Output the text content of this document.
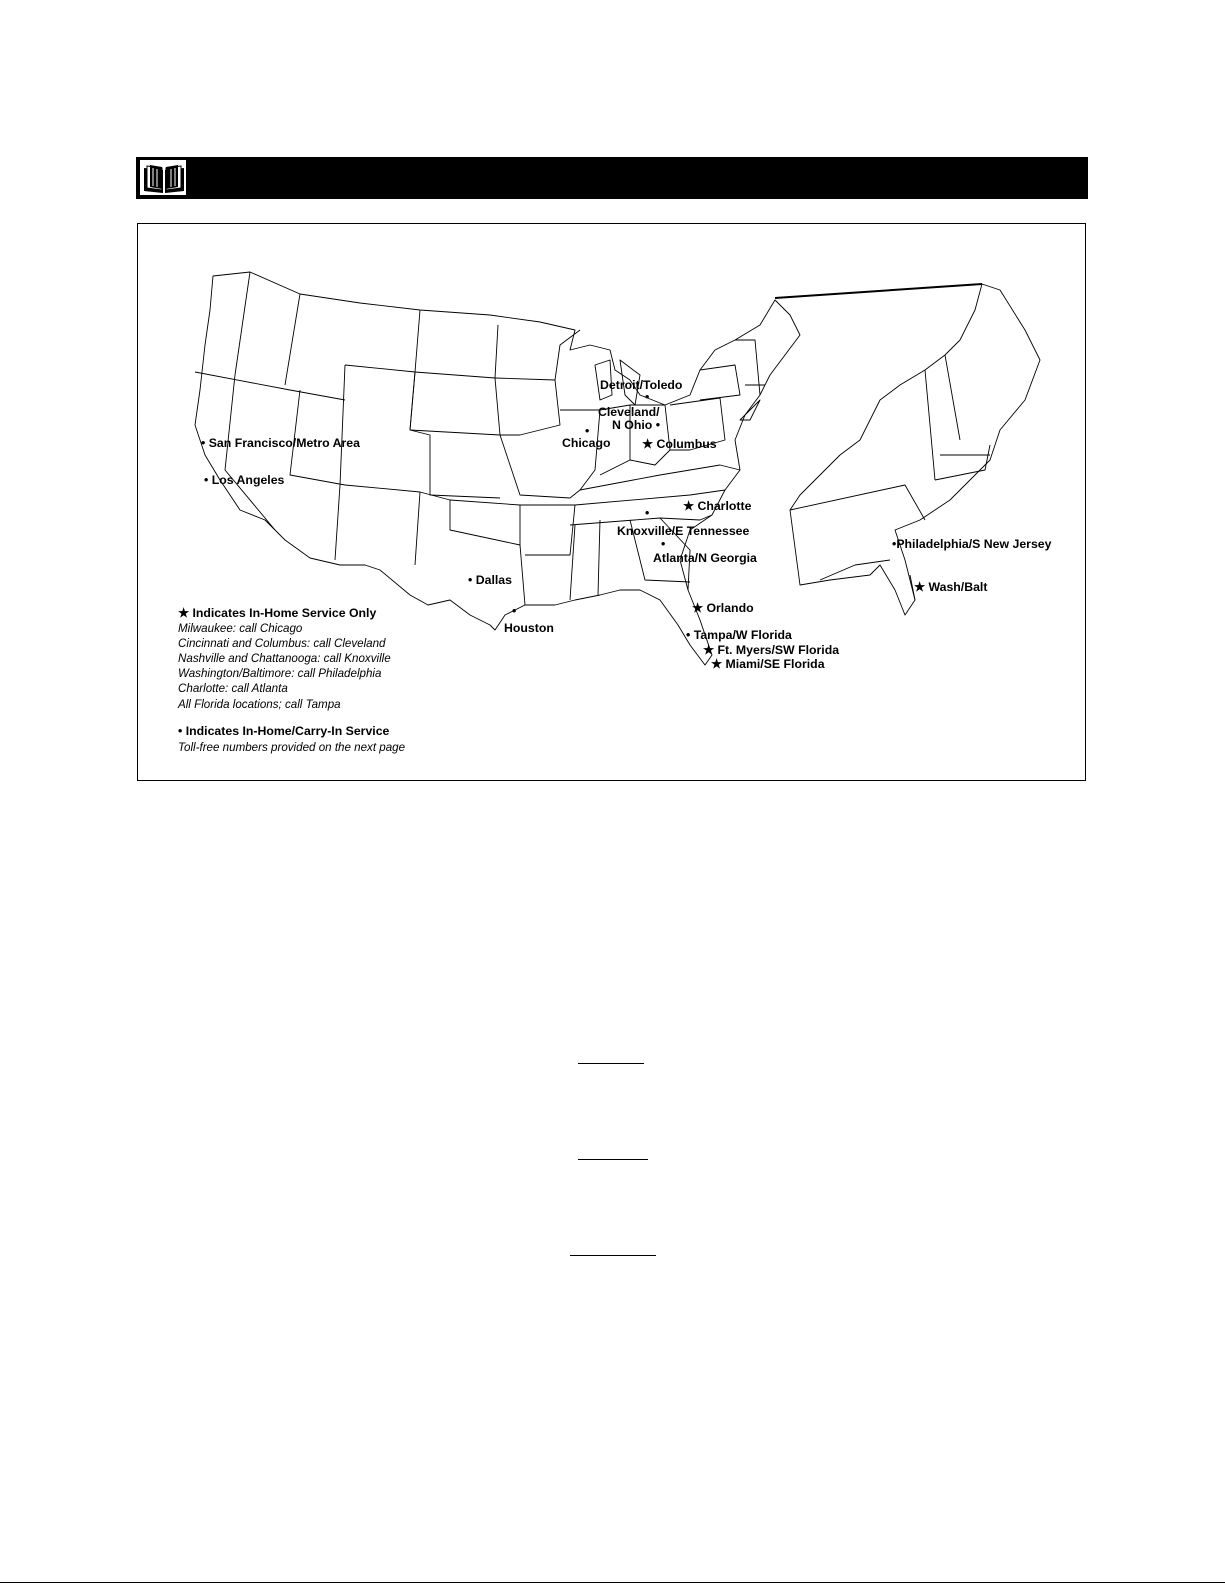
• San Francisco/Metro Area
• Los Angeles
Detroit/Toledo
•
Cleveland/
N Ohio •
Chicago
•
★ Columbus
★ Charlotte
•
Knoxville/E Tennessee
•
Atlanta/N Georgia
• Dallas
•
Houston
★ Orlando
• Tampa/W Florida
★ Ft. Myers/SW Florida
★ Miami/SE Florida
•Philadelphia/S New Jersey
★ Wash/Balt
★ Indicates In-Home Service Only
Milwaukee: call Chicago
Cincinnati and Columbus: call Cleveland
Nashville and Chattanooga: call Knoxville
Washington/Baltimore: call Philadelphia
Charlotte: call Atlanta
All Florida locations; call Tampa
• Indicates In-Home/Carry-In Service
Toll-free numbers provided on the next page
